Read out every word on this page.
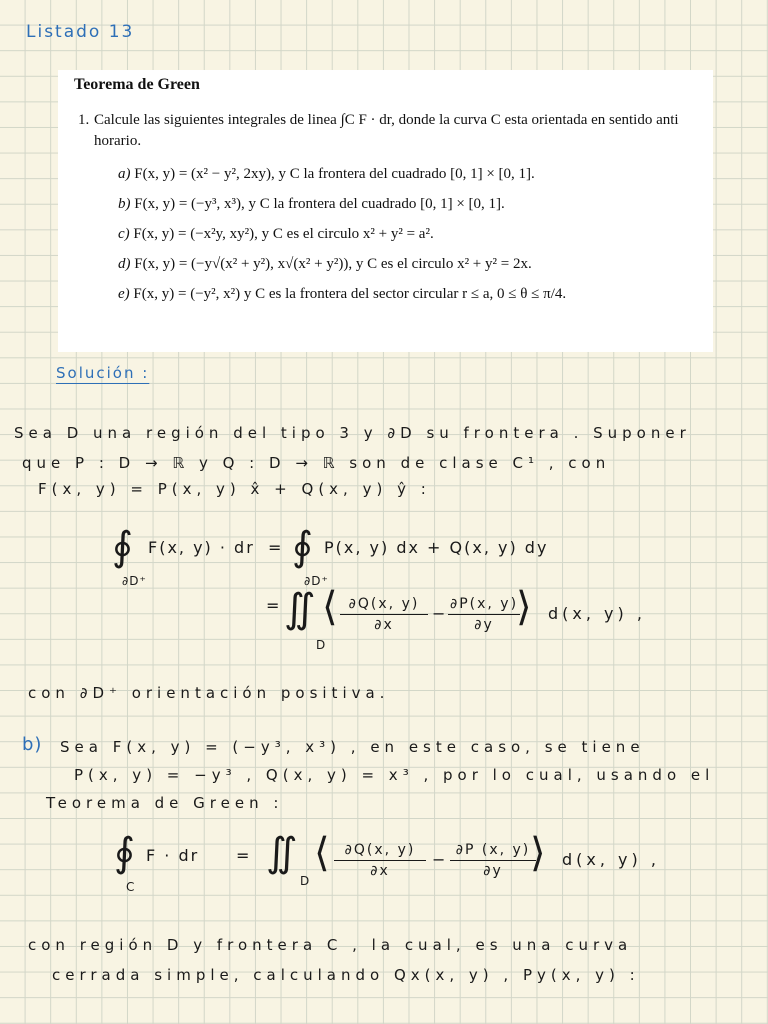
Listado 13
Teorema de Green
1. Calcule las siguientes integrales de linea ∫C F · dr, donde la curva C esta orientada en sentido anti horario.
a) F(x, y) = (x² − y², 2xy), y C la frontera del cuadrado [0, 1] × [0, 1].
b) F(x, y) = (−y³, x³), y C la frontera del cuadrado [0, 1] × [0, 1].
c) F(x, y) = (−x²y, xy²), y C es el circulo x² + y² = a².
d) F(x, y) = (−y√(x² + y²), x√(x² + y²)), y C es el circulo x² + y² = 2x.
e) F(x, y) = (−y², x²) y C es la frontera del sector circular r ≤ a, 0 ≤ θ ≤ π/4.
Solución :
Sea D una región del tipo 3 y ∂D su frontera . Suponer
que P : D → ℝ y Q : D → ℝ son de clase C¹ , con
F(x, y) = P(x, y) x̂ + Q(x, y) ŷ :
∮
∂D⁺
F(x, y) · dr = ∮
∂D⁺
P(x, y) dx + Q(x, y) dy
= ∬
D
⟨ $\frac{\partial Q(x, y)}{\partial x} - \frac{\partial P(x, y)}{\partial y}$
⟩ d(x, y) ,
con ∂D⁺ orientación positiva.
b) Sea F(x, y) = (−y³, x³) , en este caso, se tiene
P(x, y) = −y³ , Q(x, y) = x³ , por lo cual, usando el
Teorema de Green :
∮
C
F · dr = ∬
D
⟨ $\frac{\partial Q(x, y)}{\partial x} - \frac{\partial P (x, y)}{\partial y}$
⟩ d(x, y) ,
con región D y frontera C , la cual, es una curva
cerrada simple, calculando Qx(x, y) , Py(x, y) :
